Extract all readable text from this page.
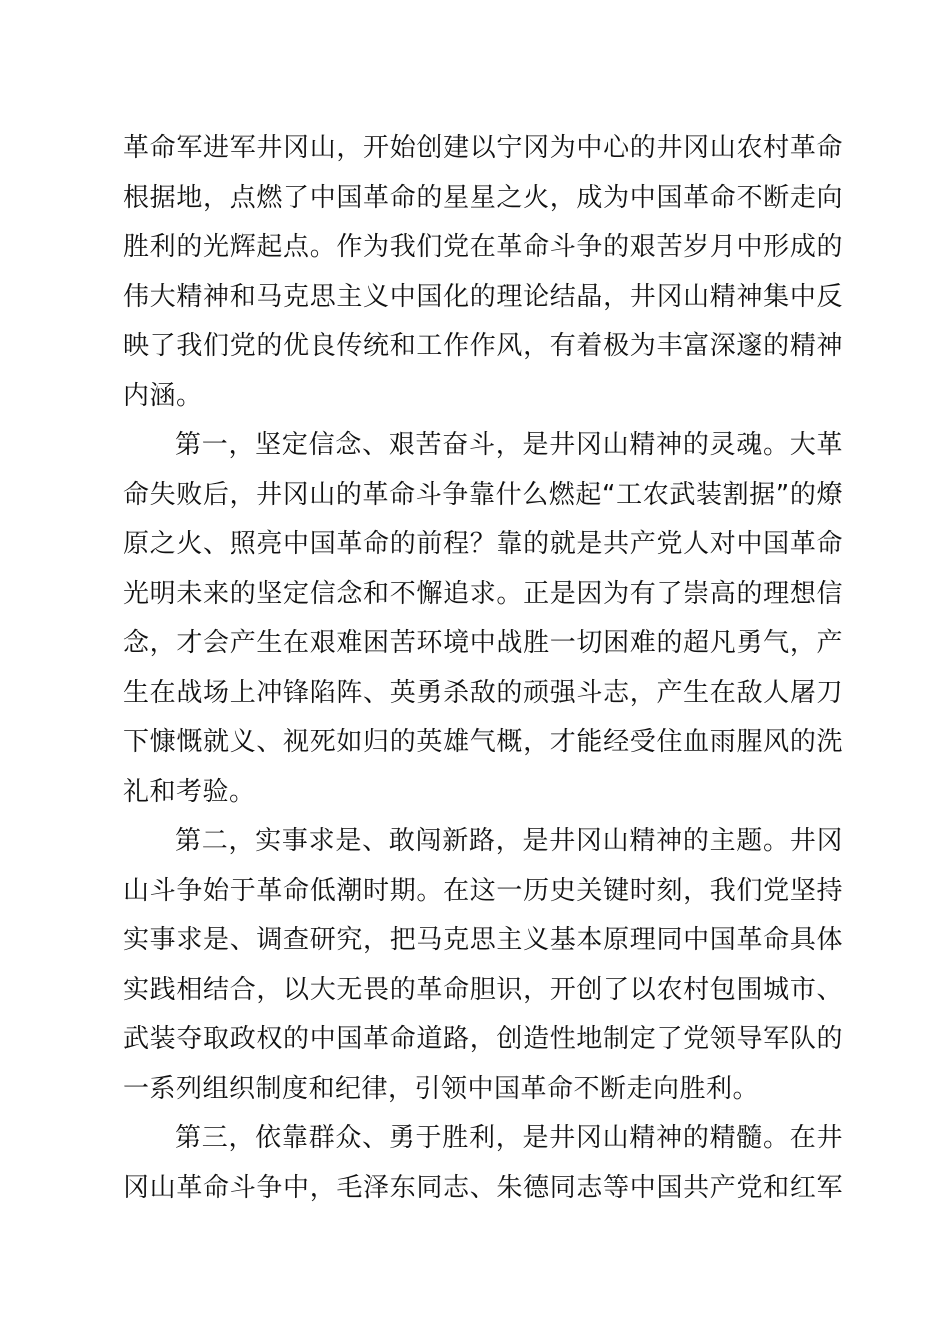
革命军进军井冈山，开始创建以宁冈为中心的井冈山农村革命
根据地，点燃了中国革命的星星之火，成为中国革命不断走向
胜利的光辉起点。作为我们党在革命斗争的艰苦岁月中形成的
伟大精神和马克思主义中国化的理论结晶，井冈山精神集中反
映了我们党的优良传统和工作作风，有着极为丰富深邃的精神
内涵。
第一，坚定信念、艰苦奋斗，是井冈山精神的灵魂。大革
命失败后，井冈山的革命斗争靠什么燃起“工农武装割据”的燎
原之火、照亮中国革命的前程？靠的就是共产党人对中国革命
光明未来的坚定信念和不懈追求。正是因为有了崇高的理想信
念，才会产生在艰难困苦环境中战胜一切困难的超凡勇气，产
生在战场上冲锋陷阵、英勇杀敌的顽强斗志，产生在敌人屠刀
下慷慨就义、视死如归的英雄气概，才能经受住血雨腥风的洗
礼和考验。
第二，实事求是、敢闯新路，是井冈山精神的主题。井冈
山斗争始于革命低潮时期。在这一历史关键时刻，我们党坚持
实事求是、调查研究，把马克思主义基本原理同中国革命具体
实践相结合，以大无畏的革命胆识，开创了以农村包围城市、
武装夺取政权的中国革命道路，创造性地制定了党领导军队的
一系列组织制度和纪律，引领中国革命不断走向胜利。
第三，依靠群众、勇于胜利，是井冈山精神的精髓。在井
冈山革命斗争中，毛泽东同志、朱德同志等中国共产党和红军
